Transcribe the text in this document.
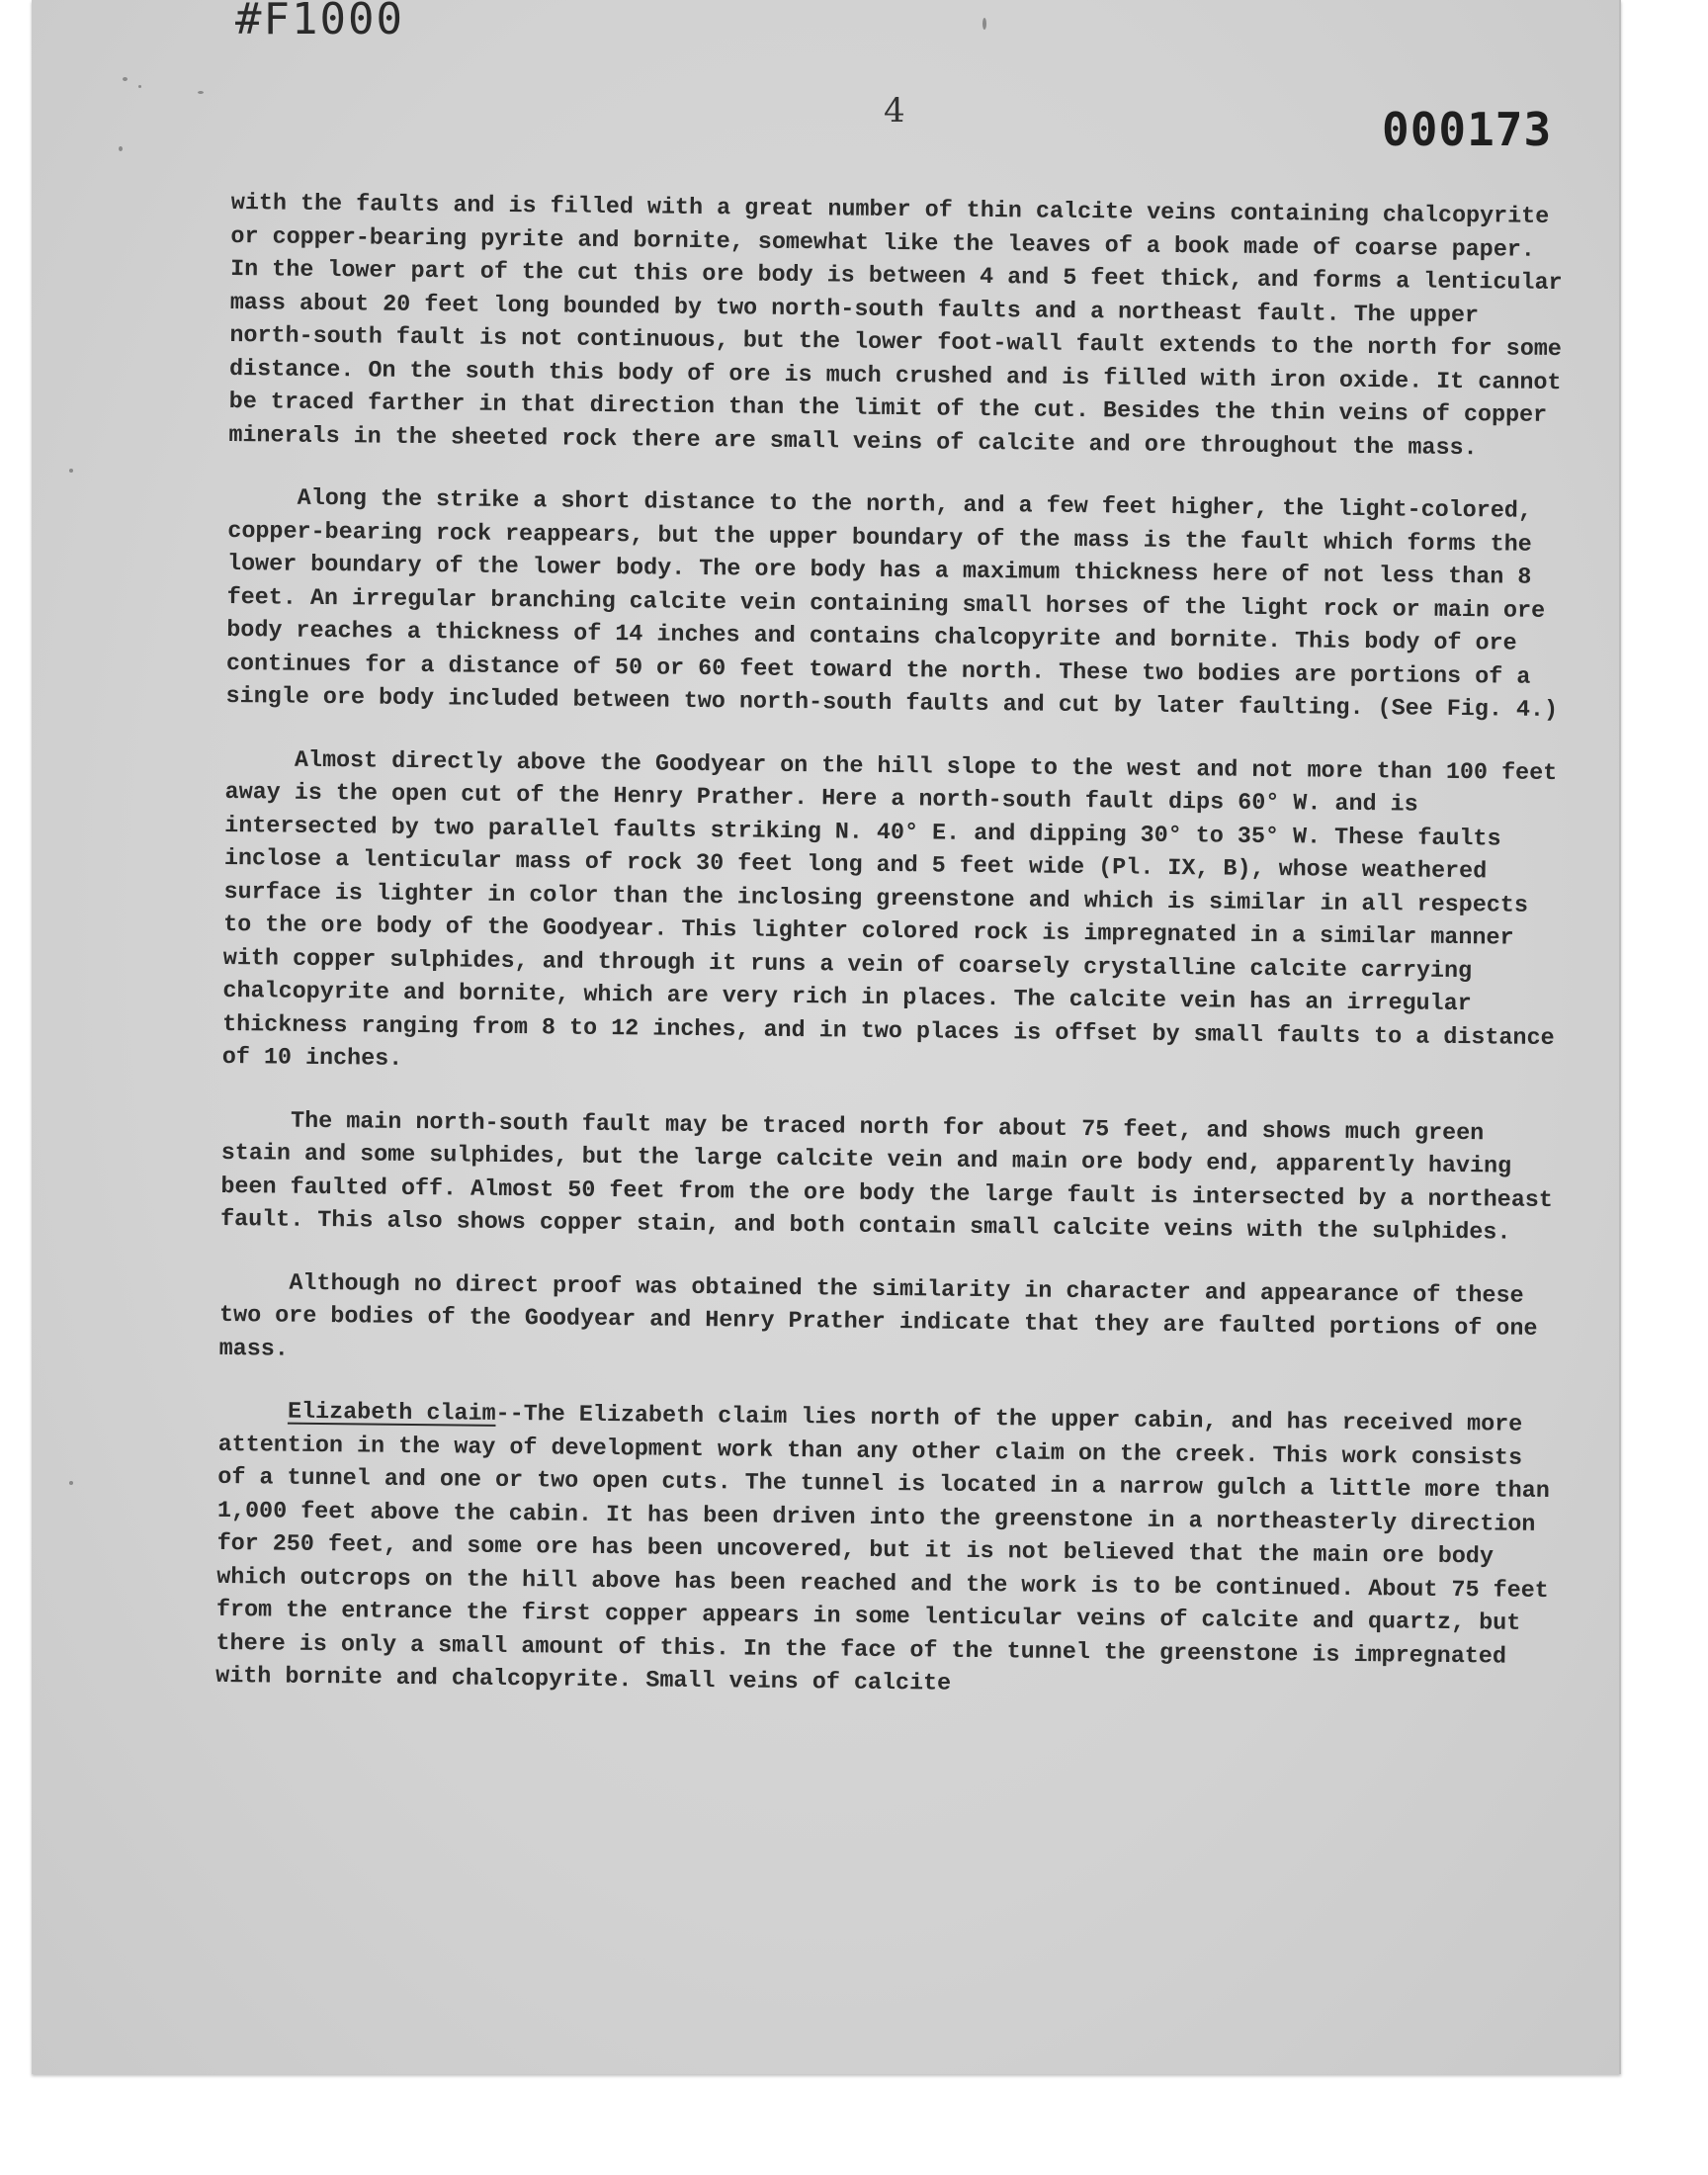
#F1000

4	000173

with the faults and is filled with a great number of thin calcite veins containing chalcopyrite or copper-bearing pyrite and bornite, somewhat like the leaves of a book made of coarse paper. In the lower part of the cut this ore body is between 4 and 5 feet thick, and forms a lenticular mass about 20 feet long bounded by two north-south faults and a northeast fault. The upper north-south fault is not continuous, but the lower foot-wall fault extends to the north for some distance. On the south this body of ore is much crushed and is filled with iron oxide. It cannot be traced farther in that direction than the limit of the cut. Besides the thin veins of copper minerals in the sheeted rock there are small veins of calcite and ore throughout the mass.

Along the strike a short distance to the north, and a few feet higher, the light-colored, copper-bearing rock reappears, but the upper boundary of the mass is the fault which forms the lower boundary of the lower body. The ore body has a maximum thickness here of not less than 8 feet. An irregular branching calcite vein containing small horses of the light rock or main ore body reaches a thickness of 14 inches and contains chalcopyrite and bornite. This body of ore continues for a distance of 50 or 60 feet toward the north. These two bodies are portions of a single ore body included between two north-south faults and cut by later faulting. (See Fig. 4.)

Almost directly above the Goodyear on the hill slope to the west and not more than 100 feet away is the open cut of the Henry Prather. Here a north-south fault dips 60° W. and is intersected by two parallel faults striking N. 40° E. and dipping 30° to 35° W. These faults inclose a lenticular mass of rock 30 feet long and 5 feet wide (Pl. IX, B), whose weathered surface is lighter in color than the inclosing greenstone and which is similar in all respects to the ore body of the Goodyear. This lighter colored rock is impregnated in a similar manner with copper sulphides, and through it runs a vein of coarsely crystalline calcite carrying chalcopyrite and bornite, which are very rich in places. The calcite vein has an irregular thickness ranging from 8 to 12 inches, and in two places is offset by small faults to a distance of 10 inches.

The main north-south fault may be traced north for about 75 feet, and shows much green stain and some sulphides, but the large calcite vein and main ore body end, apparently having been faulted off. Almost 50 feet from the ore body the large fault is intersected by a northeast fault. This also shows copper stain, and both contain small calcite veins with the sulphides.

Although no direct proof was obtained the similarity in character and appearance of these two ore bodies of the Goodyear and Henry Prather indicate that they are faulted portions of one mass.

Elizabeth claim--The Elizabeth claim lies north of the upper cabin, and has received more attention in the way of development work than any other claim on the creek. This work consists of a tunnel and one or two open cuts. The tunnel is located in a narrow gulch a little more than 1,000 feet above the cabin. It has been driven into the greenstone in a northeasterly direction for 250 feet, and some ore has been uncovered, but it is not believed that the main ore body which outcrops on the hill above has been reached and the work is to be continued. About 75 feet from the entrance the first copper appears in some lenticular veins of calcite and quartz, but there is only a small amount of this. In the face of the tunnel the greenstone is impregnated with bornite and chalcopyrite. Small veins of calcite
